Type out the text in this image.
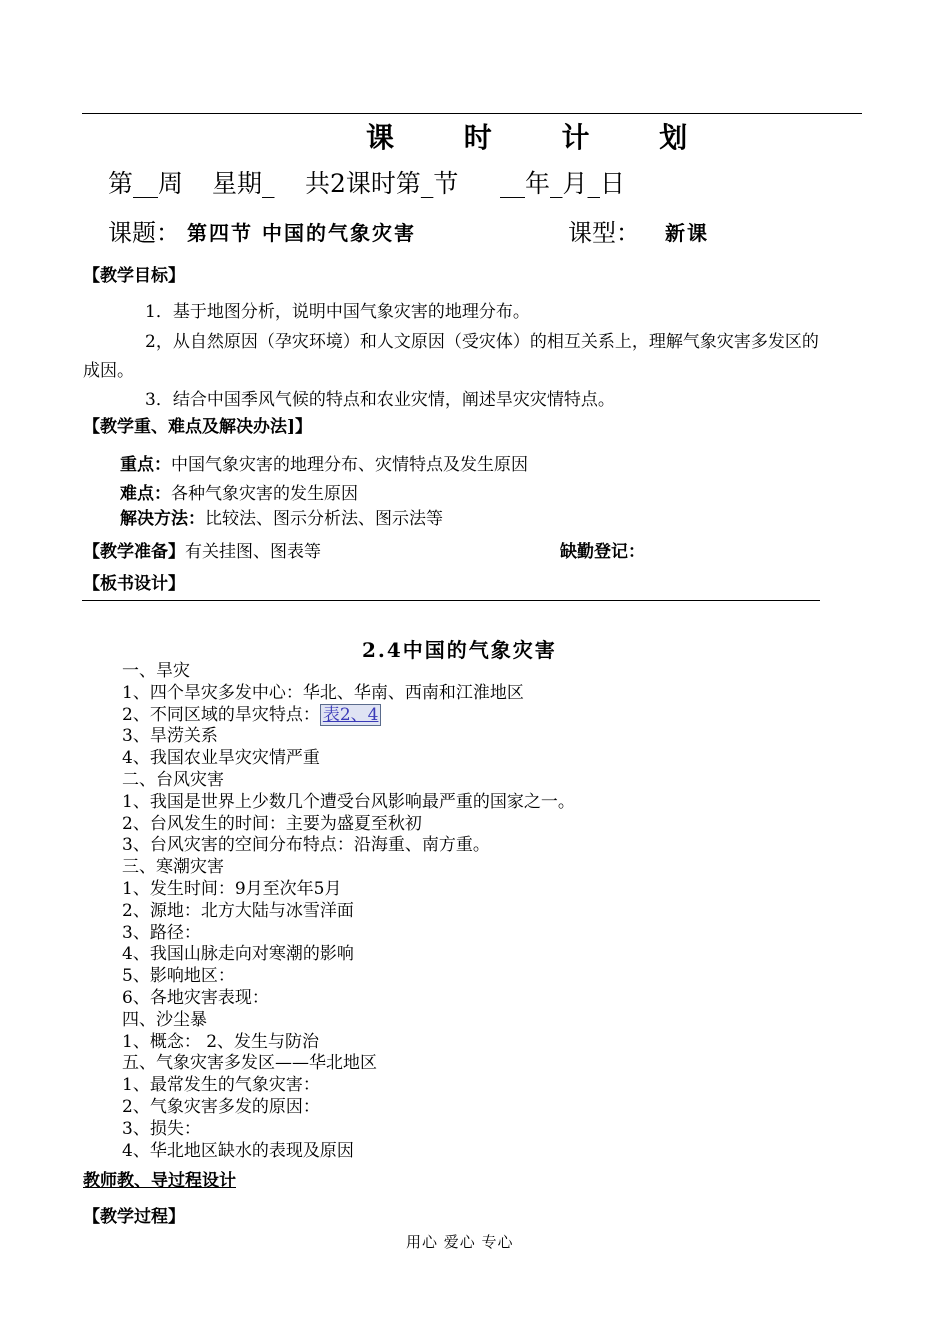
课 时 计 划
第__周 星期_ 共2课时第_节 __年_月_日
课题： 第四节 中国的气象灾害	课型： 新课
【教学目标】
1．基于地图分析，说明中国气象灾害的地理分布。
2，从自然原因（孕灾环境）和人文原因（受灾体）的相互关系上，理解气象灾害多发区的
成因。
3．结合中国季风气候的特点和农业灾情，阐述旱灾灾情特点。
【教学重、难点及解决办法]】
重点：中国气象灾害的地理分布、灾情特点及发生原因
难点：各种气象灾害的发生原因
解决方法：比较法、图示分析法、图示法等
【教学准备】有关挂图、图表等	缺勤登记：
【板书设计】
2.4中国的气象灾害
一、旱灾
1、四个旱灾多发中心：华北、华南、西南和江淮地区
2、不同区域的旱灾特点： 表2、4
3、旱涝关系
4、我国农业旱灾灾情严重
二、台风灾害
1、我国是世界上少数几个遭受台风影响最严重的国家之一。
2、台风发生的时间：主要为盛夏至秋初
3、台风灾害的空间分布特点：沿海重、南方重。
三、寒潮灾害
1、发生时间：9月至次年5月
2、源地：北方大陆与冰雪洋面
3、路径：
4、我国山脉走向对寒潮的影响
5、影响地区：
6、各地灾害表现：
四、沙尘暴
1、概念： 2、发生与防治
五、气象灾害多发区——华北地区
1、最常发生的气象灾害：
2、气象灾害多发的原因：
3、损失：
4、华北地区缺水的表现及原因
教师教、导过程设计
【教学过程】
用心 爱心 专心
